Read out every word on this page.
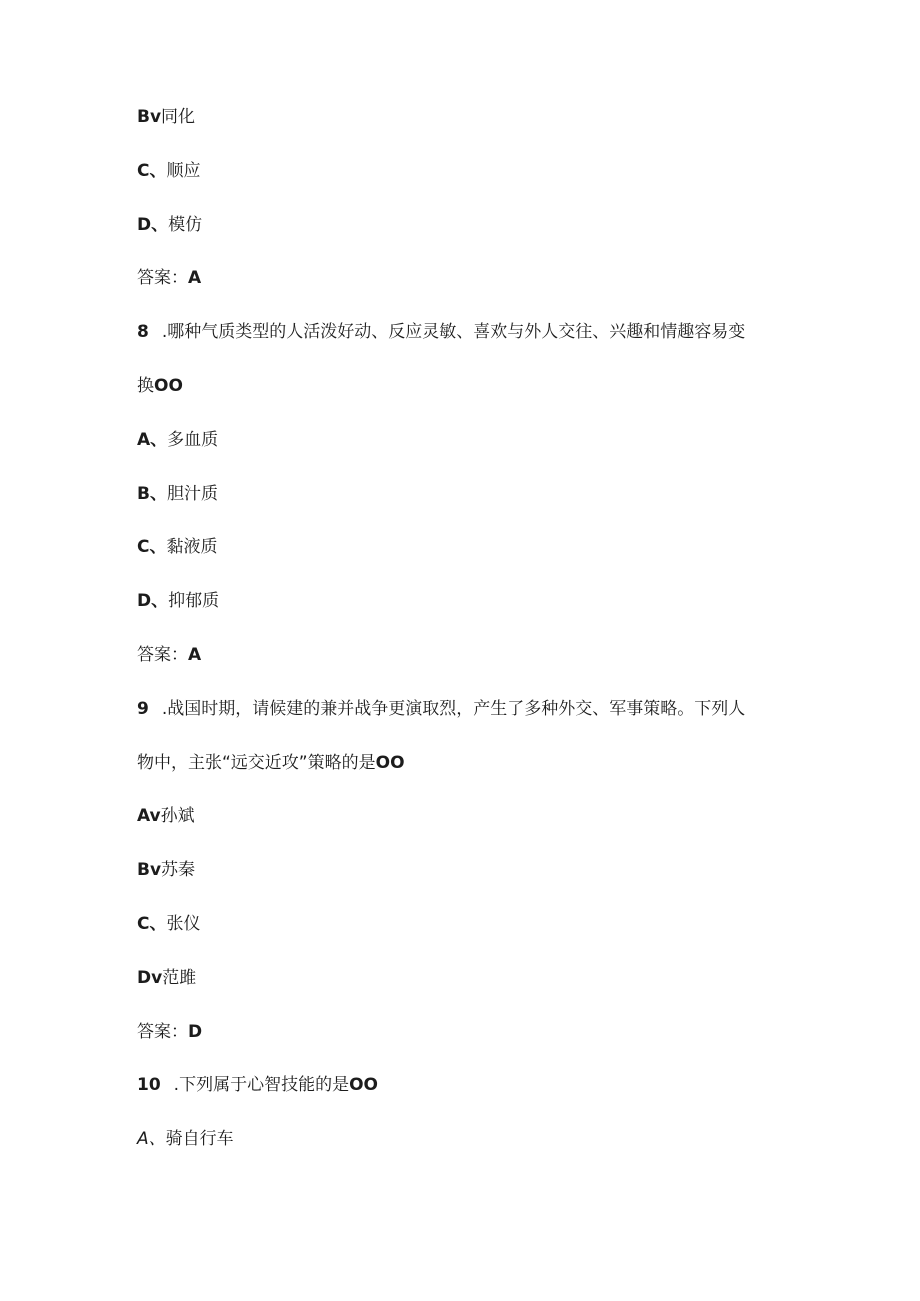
Bv同化
C、顺应
D、模仿
答案：A
8 .哪种气质类型的人活泼好动、反应灵敏、喜欢与外人交往、兴趣和情趣容易变
换OO
A、多血质
B、胆汁质
C、黏液质
D、抑郁质
答案：A
9 .战国时期，请候建的兼并战争更演取烈，产生了多种外交、军事策略。下列人
物中，主张“远交近攻”策略的是OO
Av孙斌
Bv苏秦
C、张仪
Dv范雎
答案：D
10 .下列属于心智技能的是OO
A、骑自行车
